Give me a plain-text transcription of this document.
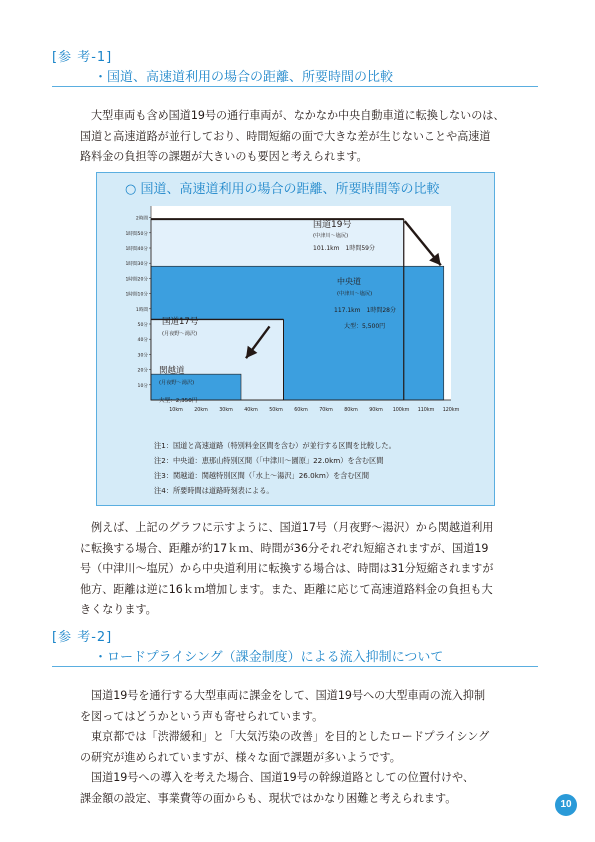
[参 考-1]
・国道、高速道利用の場合の距離、所要時間の比較

大型車両も含め国道19号の通行車両が、なかなか中央自動車道に転換しないのは、

国道と高速道路が並行しており、時間短縮の面で大きな差が生じないことや高速道

路料金の負担等の課題が大きいのも要因と考えられます。

○ 国道、高速道利用の場合の距離、所要時間等の比較
10分
20分
30分
40分
50分
1時間
1時間10分
1時間20分
1時間30分
1時間40分
1時間50分
2時間
10km 20km 30km 40km 50km 60km 70km 80km 90km 100km 110km 120km
国道19号
(中津川〜塩尻)
101.1km　1時間59分
中央道
(中津川〜塩尻)
117.1km　1時間28分
大型：5,500円
国道17号
(月夜野〜湯沢)
関越道
(月夜野〜湯沢)
大型：2,350円
注1：国道と高速道路（特別料金区間を含む）が並行する区間を比較した。
注2：中央道：恵那山特別区間（「中津川〜園原」22.0km）を含む区間
注3：関越道：関越特別区間（「水上〜湯沢」26.0km）を含む区間
注4：所要時間は道路時刻表による。

例えば、上記のグラフに示すように、国道17号（月夜野〜湯沢）から関越道利用

に転換する場合、距離が約17ｋｍ、時間が36分それぞれ短縮されますが、国道19

号（中津川〜塩尻）から中央道利用に転換する場合は、時間は31分短縮されますが

他方、距離は逆に16ｋｍ増加します。また、距離に応じて高速道路料金の負担も大

きくなります。

[参 考-2]
・ロードプライシング（課金制度）による流入抑制について

国道19号を通行する大型車両に課金をして、国道19号への大型車両の流入抑制

を図ってはどうかという声も寄せられています。

東京都では「渋滞緩和」と「大気汚染の改善」を目的としたロードプライシング

の研究が進められていますが、様々な面で課題が多いようです。

国道19号への導入を考えた場合、国道19号の幹線道路としての位置付けや、

課金額の設定、事業費等の面からも、現状ではかなり困難と考えられます。	10
